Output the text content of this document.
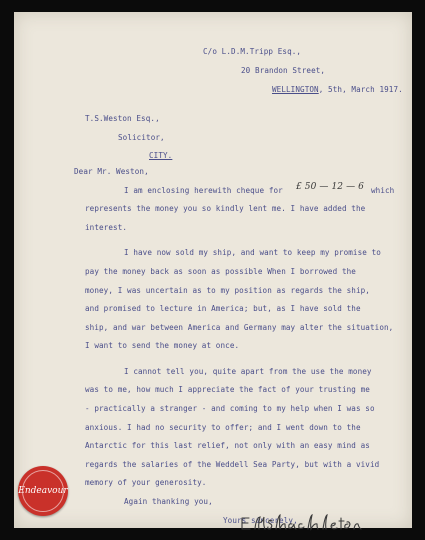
C/o L.D.M.Tripp Esq.,
20 Brandon Street,
WELLINGTON, 5th, March 1917.
T.S.Weston Esq.,
Solicitor,
CITY.
Dear Mr. Weston,
I am enclosing herewith cheque for £ 50 — 12 — 6 which
represents the money you so kindly lent me. I have added the
interest.
I have now sold my ship, and want to keep my promise to
pay the money back as soon as possible When I borrowed the
money, I was uncertain as to my position as regards the ship,
and promised to lecture in America; but, as I have sold the
ship, and war between America and Germany may alter the situation,
I want to send the money at once.
I cannot tell you, quite apart from the use the money
was to me, how much I appreciate the fact of your trusting me
- practically a stranger - and coming to my help when I was so
anxious. I had no security to offer; and I went down to the
Antarctic for this last relief, not only with an easy mind as
regards the salaries of the Weddell Sea Party, but with a vivid
memory of your generosity.
Again thanking you,
Yours sincerely,
Endeavour
